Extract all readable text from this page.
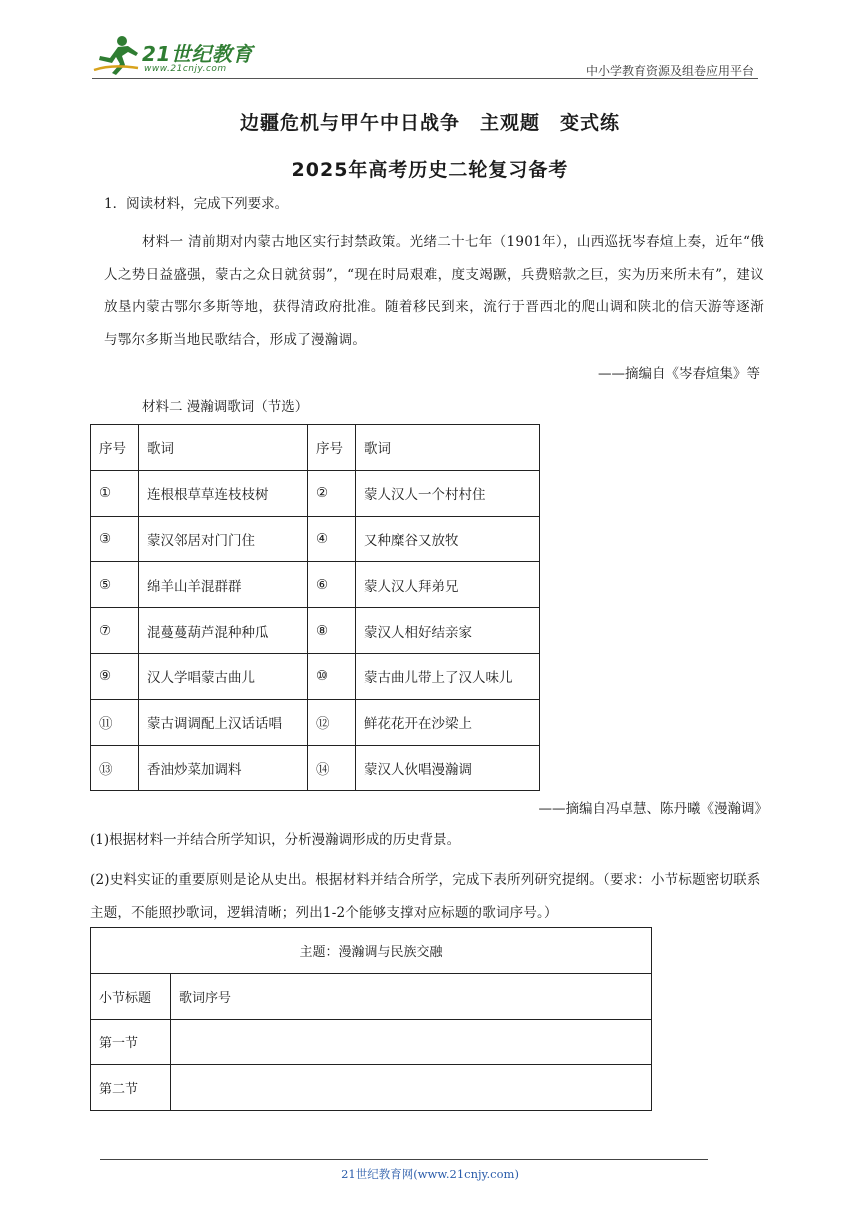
21世纪教育
www.21cnjy.com	中小学教育资源及组卷应用平台
边疆危机与甲午中日战争　主观题　变式练
2025年高考历史二轮复习备考
1．阅读材料，完成下列要求。
材料一 清前期对内蒙古地区实行封禁政策。光绪二十七年（1901年），山西巡抚岑春煊上奏，近年“俄人之势日益盛强，蒙古之众日就贫弱”，“现在时局艰难，度支竭蹶，兵费赔款之巨，实为历来所未有”，建议放垦内蒙古鄂尔多斯等地，获得清政府批准。随着移民到来，流行于晋西北的爬山调和陕北的信天游等逐渐与鄂尔多斯当地民歌结合，形成了漫瀚调。
——摘编自《岑春煊集》等
材料二 漫瀚调歌词（节选）
序号	歌词	序号	歌词
①	连根根草草连枝枝树	②	蒙人汉人一个村村住
③	蒙汉邻居对门门住	④	又种糜谷又放牧
⑤	绵羊山羊混群群	⑥	蒙人汉人拜弟兄
⑦	混蔓蔓葫芦混种种瓜	⑧	蒙汉人相好结亲家
⑨	汉人学唱蒙古曲儿	⑩	蒙古曲儿带上了汉人味儿
⑪	蒙古调调配上汉话话唱	⑫	鲜花花开在沙梁上
⑬	香油炒菜加调料	⑭	蒙汉人伙唱漫瀚调
——摘编自冯卓慧、陈丹曦《漫瀚调》
(1)根据材料一并结合所学知识，分析漫瀚调形成的历史背景。
(2)史料实证的重要原则是论从史出。根据材料并结合所学，完成下表所列研究提纲。（要求：小节标题密切联系主题，不能照抄歌词，逻辑清晰；列出1-2个能够支撑对应标题的歌词序号。）
主题：漫瀚调与民族交融	
小节标题	歌词序号
第一节	
第二节	
21世纪教育网(www.21cnjy.com)
